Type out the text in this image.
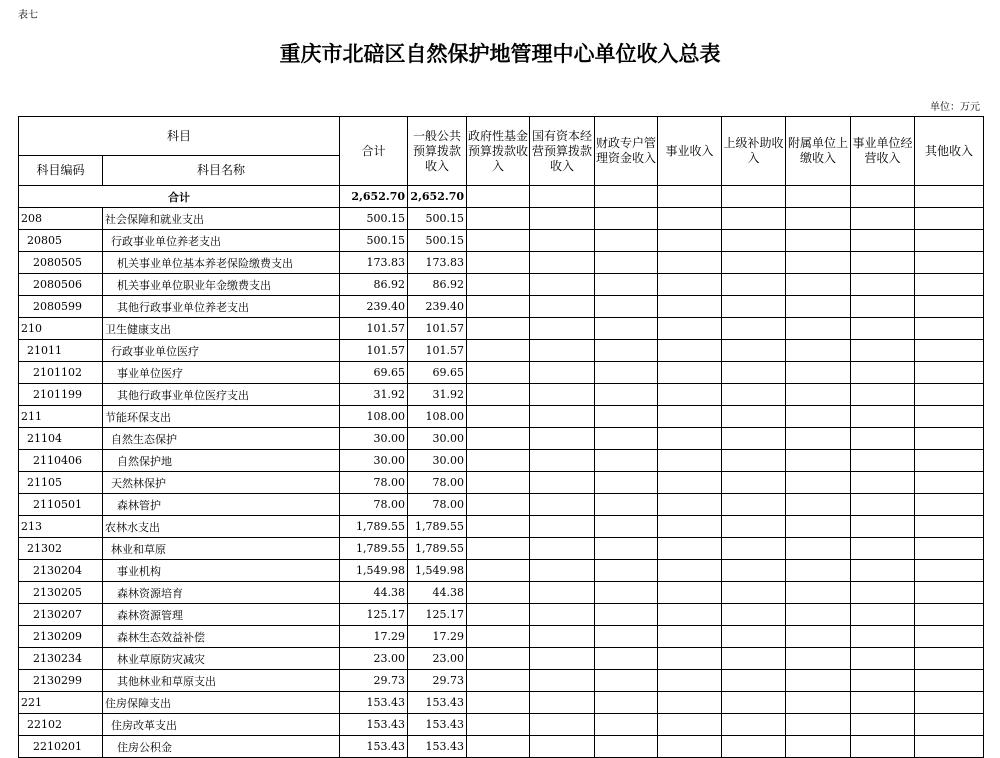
表七
重庆市北碚区自然保护地管理中心单位收入总表
单位：万元
科目		合计	一般公共预算拨款收入	政府性基金预算拨款收入	国有资本经营预算拨款收入	财政专户管理资金收入	事业收入	上级补助收入	附属单位上缴收入	事业单位经营收入	其他收入
科目编码	科目名称										
合计		2,652.70	2,652.70								
208	社会保障和就业支出	500.15	500.15								
20805	行政事业单位养老支出	500.15	500.15								
2080505	机关事业单位基本养老保险缴费支出	173.83	173.83								
2080506	机关事业单位职业年金缴费支出	86.92	86.92								
2080599	其他行政事业单位养老支出	239.40	239.40								
210	卫生健康支出	101.57	101.57								
21011	行政事业单位医疗	101.57	101.57								
2101102	事业单位医疗	69.65	69.65								
2101199	其他行政事业单位医疗支出	31.92	31.92								
211	节能环保支出	108.00	108.00								
21104	自然生态保护	30.00	30.00								
2110406	自然保护地	30.00	30.00								
21105	天然林保护	78.00	78.00								
2110501	森林管护	78.00	78.00								
213	农林水支出	1,789.55	1,789.55								
21302	林业和草原	1,789.55	1,789.55								
2130204	事业机构	1,549.98	1,549.98								
2130205	森林资源培育	44.38	44.38								
2130207	森林资源管理	125.17	125.17								
2130209	森林生态效益补偿	17.29	17.29								
2130234	林业草原防灾减灾	23.00	23.00								
2130299	其他林业和草原支出	29.73	29.73								
221	住房保障支出	153.43	153.43								
22102	住房改革支出	153.43	153.43								
2210201	住房公积金	153.43	153.43								
